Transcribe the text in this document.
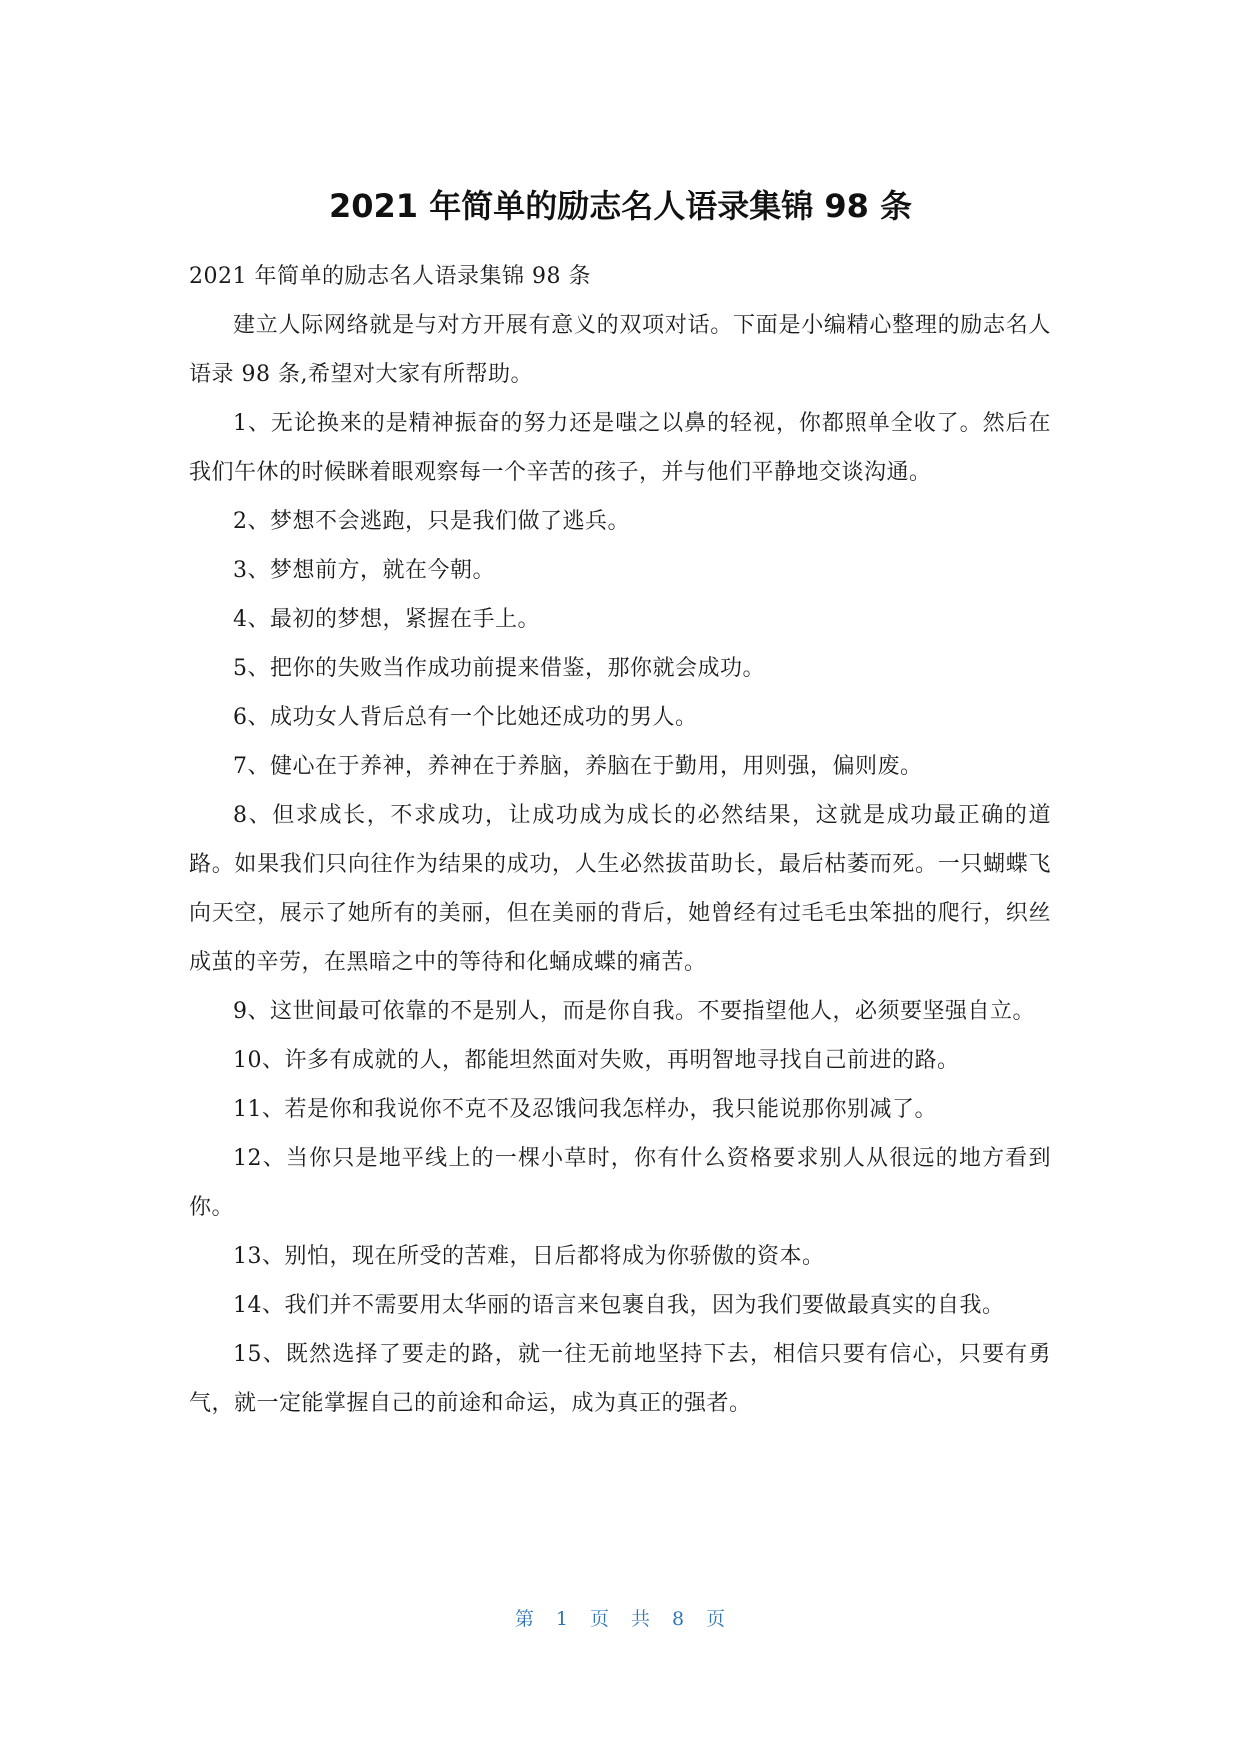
2021 年简单的励志名人语录集锦 98 条

2021 年简单的励志名人语录集锦 98 条

建立人际网络就是与对方开展有意义的双项对话。下面是小编精心整理的励志名人语录 98 条,希望对大家有所帮助。

1、无论换来的是精神振奋的努力还是嗤之以鼻的轻视，你都照单全收了。然后在我们午休的时候眯着眼观察每一个辛苦的孩子，并与他们平静地交谈沟通。

2、梦想不会逃跑，只是我们做了逃兵。

3、梦想前方，就在今朝。

4、最初的梦想，紧握在手上。

5、把你的失败当作成功前提来借鉴，那你就会成功。

6、成功女人背后总有一个比她还成功的男人。

7、健心在于养神，养神在于养脑，养脑在于勤用，用则强，偏则废。

8、但求成长，不求成功，让成功成为成长的必然结果，这就是成功最正确的道路。如果我们只向往作为结果的成功，人生必然拔苗助长，最后枯萎而死。一只蝴蝶飞向天空，展示了她所有的美丽，但在美丽的背后，她曾经有过毛毛虫笨拙的爬行，织丝成茧的辛劳，在黑暗之中的等待和化蛹成蝶的痛苦。

9、这世间最可依靠的不是别人，而是你自我。不要指望他人，必须要坚强自立。

10、许多有成就的人，都能坦然面对失败，再明智地寻找自己前进的路。

11、若是你和我说你不克不及忍饿问我怎样办，我只能说那你别减了。

12、当你只是地平线上的一棵小草时，你有什么资格要求别人从很远的地方看到你。

13、别怕，现在所受的苦难，日后都将成为你骄傲的资本。

14、我们并不需要用太华丽的语言来包裹自我，因为我们要做最真实的自我。

15、既然选择了要走的路，就一往无前地坚持下去，相信只要有信心，只要有勇气，就一定能掌握自己的前途和命运，成为真正的强者。

第 1 页 共 8 页
